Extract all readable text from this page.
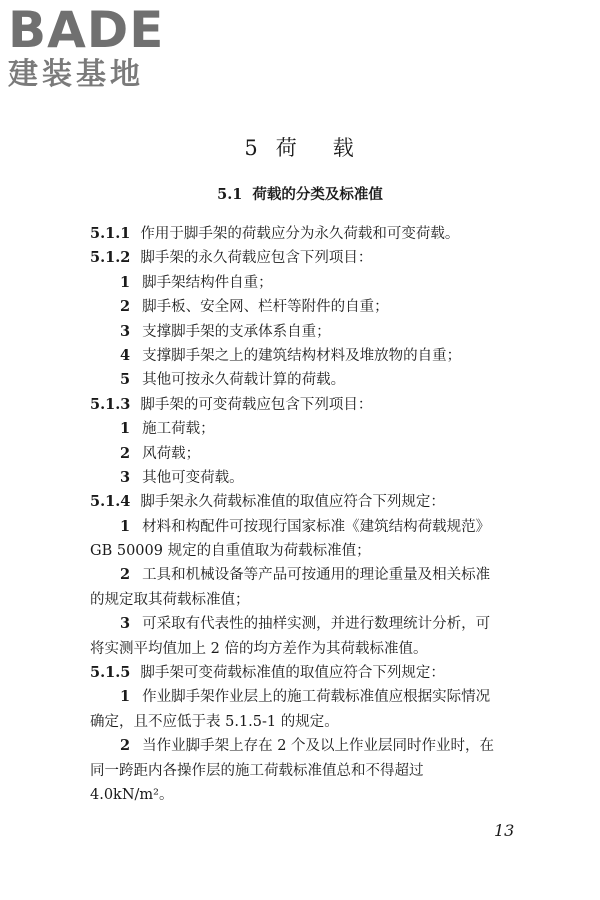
BADE
建装基地
5 荷 载
5.1 荷载的分类及标准值
5.1.1 作用于脚手架的荷载应分为永久荷载和可变荷载。
5.1.2 脚手架的永久荷载应包含下列项目：
1 脚手架结构件自重；
2 脚手板、安全网、栏杆等附件的自重；
3 支撑脚手架的支承体系自重；
4 支撑脚手架之上的建筑结构材料及堆放物的自重；
5 其他可按永久荷载计算的荷载。
5.1.3 脚手架的可变荷载应包含下列项目：
1 施工荷载；
2 风荷载；
3 其他可变荷载。
5.1.4 脚手架永久荷载标准值的取值应符合下列规定：
1 材料和构配件可按现行国家标准《建筑结构荷载规范》
GB 50009 规定的自重值取为荷载标准值；
2 工具和机械设备等产品可按通用的理论重量及相关标准
的规定取其荷载标准值；
3 可采取有代表性的抽样实测，并进行数理统计分析，可
将实测平均值加上 2 倍的均方差作为其荷载标准值。
5.1.5 脚手架可变荷载标准值的取值应符合下列规定：
1 作业脚手架作业层上的施工荷载标准值应根据实际情况
确定，且不应低于表 5.1.5-1 的规定。
2 当作业脚手架上存在 2 个及以上作业层同时作业时，在
同一跨距内各操作层的施工荷载标准值总和不得超过
4.0kN/m²。
13
